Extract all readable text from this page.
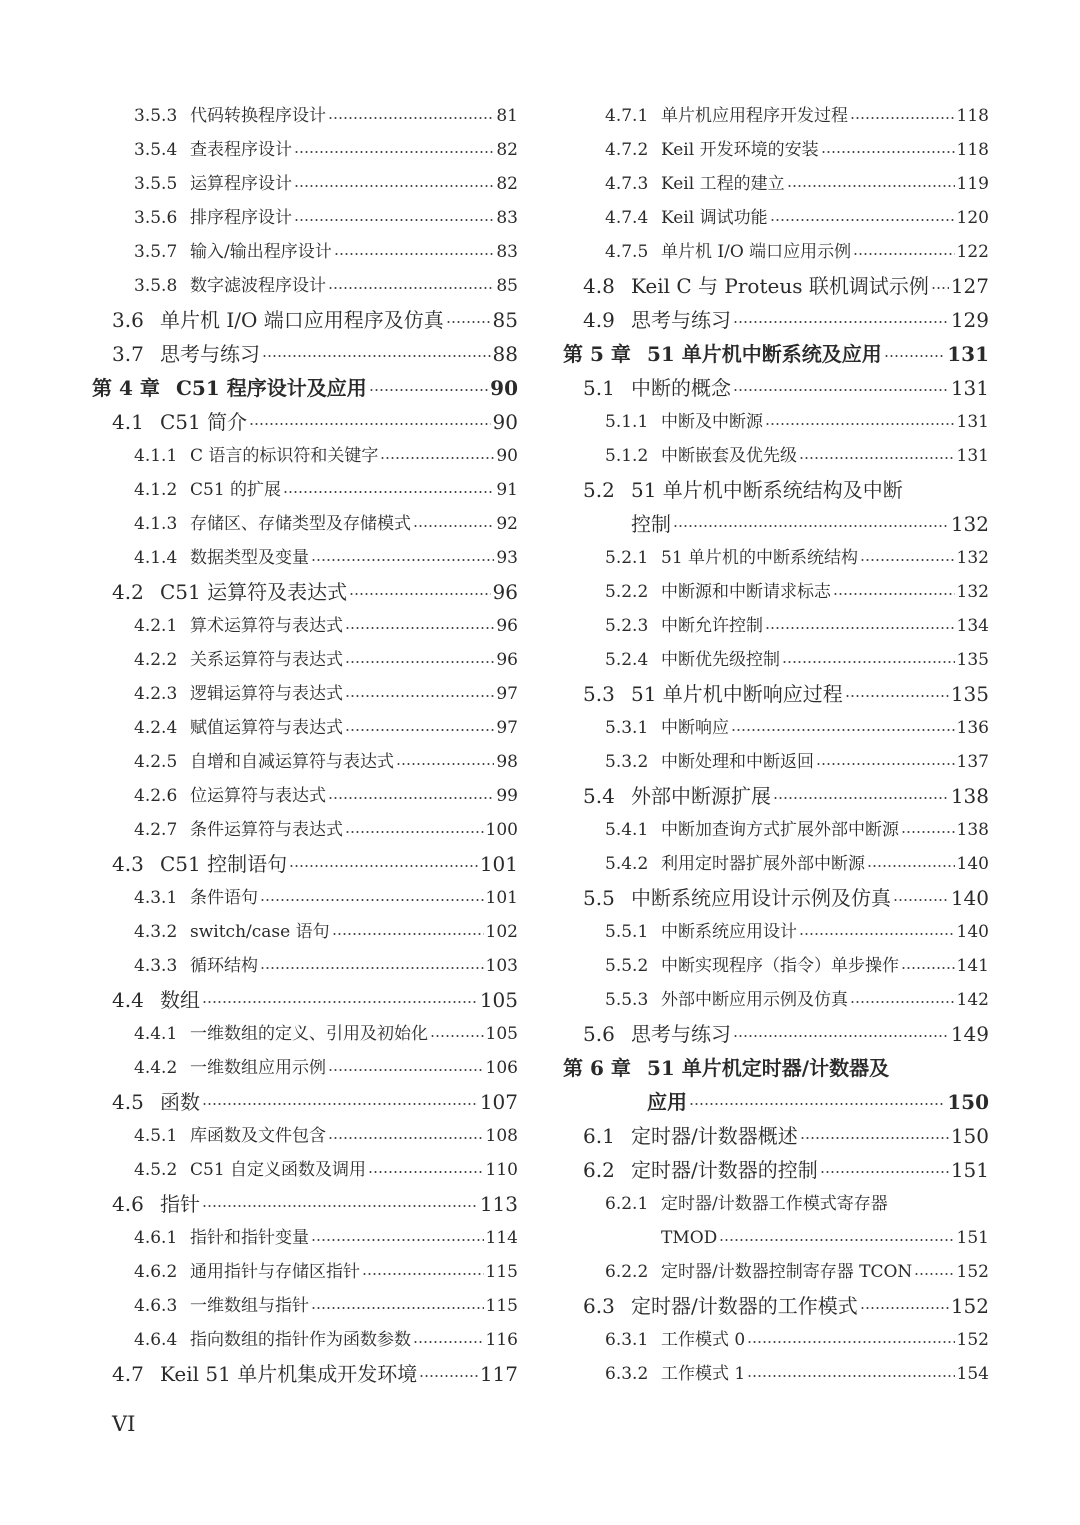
3.5.3 代码转换程序设计	81
3.5.4 查表程序设计	82
3.5.5 运算程序设计	82
3.5.6 排序程序设计	83
3.5.7 输入/输出程序设计	83
3.5.8 数字滤波程序设计	85
3.6 单片机 I/O 端口应用程序及仿真 85
3.7 思考与练习	88
第 4 章 C51 程序设计及应用	90
4.1 C51 简介	90
4.1.1 C 语言的标识符和关键字	90
4.1.2 C51 的扩展	91
4.1.3 存储区、存储类型及存储模式	92
4.1.4 数据类型及变量	93
4.2 C51 运算符及表达式	96
4.2.1 算术运算符与表达式	96
4.2.2 关系运算符与表达式	96
4.2.3 逻辑运算符与表达式	97
4.2.4 赋值运算符与表达式	97
4.2.5 自增和自减运算符与表达式	98
4.2.6 位运算符与表达式	99
4.2.7 条件运算符与表达式	100
4.3 C51 控制语句	101
4.3.1 条件语句	101
4.3.2 switch/case 语句	102
4.3.3 循环结构	103
4.4 数组	105
4.4.1 一维数组的定义、引用及初始化	105
4.4.2 一维数组应用示例	106
4.5 函数	107
4.5.1 库函数及文件包含	108
4.5.2 C51 自定义函数及调用	110
4.6 指针	113
4.6.1 指针和指针变量	114
4.6.2 通用指针与存储区指针	115
4.6.3 一维数组与指针	115
4.6.4 指向数组的指针作为函数参数	116
4.7 Keil 51 单片机集成开发环境	117
4.7.1 单片机应用程序开发过程	118
4.7.2 Keil 开发环境的安装	118
4.7.3 Keil 工程的建立	119
4.7.4 Keil 调试功能	120
4.7.5 单片机 I/O 端口应用示例	122
4.8 Keil C 与 Proteus 联机调试示例 127
4.9 思考与练习	129
第 5 章 51 单片机中断系统及应用	131
5.1 中断的概念	131
5.1.1 中断及中断源	131
5.1.2 中断嵌套及优先级	131
5.2 51 单片机中断系统结构及中断
控制	132
5.2.1 51 单片机的中断系统结构	132
5.2.2 中断源和中断请求标志	132
5.2.3 中断允许控制	134
5.2.4 中断优先级控制	135
5.3 51 单片机中断响应过程	135
5.3.1 中断响应	136
5.3.2 中断处理和中断返回	137
5.4 外部中断源扩展	138
5.4.1 中断加查询方式扩展外部中断源	138
5.4.2 利用定时器扩展外部中断源	140
5.5 中断系统应用设计示例及仿真	140
5.5.1 中断系统应用设计	140
5.5.2 中断实现程序（指令）单步操作	141
5.5.3 外部中断应用示例及仿真	142
5.6 思考与练习	149
第 6 章 51 单片机定时器/计数器及
应用	150
6.1 定时器/计数器概述	150
6.2 定时器/计数器的控制	151
6.2.1 定时器/计数器工作模式寄存器
TMOD	151
6.2.2 定时器/计数器控制寄存器 TCON	152
6.3 定时器/计数器的工作模式	152
6.3.1 工作模式 0	152
6.3.2 工作模式 1	154
VI
